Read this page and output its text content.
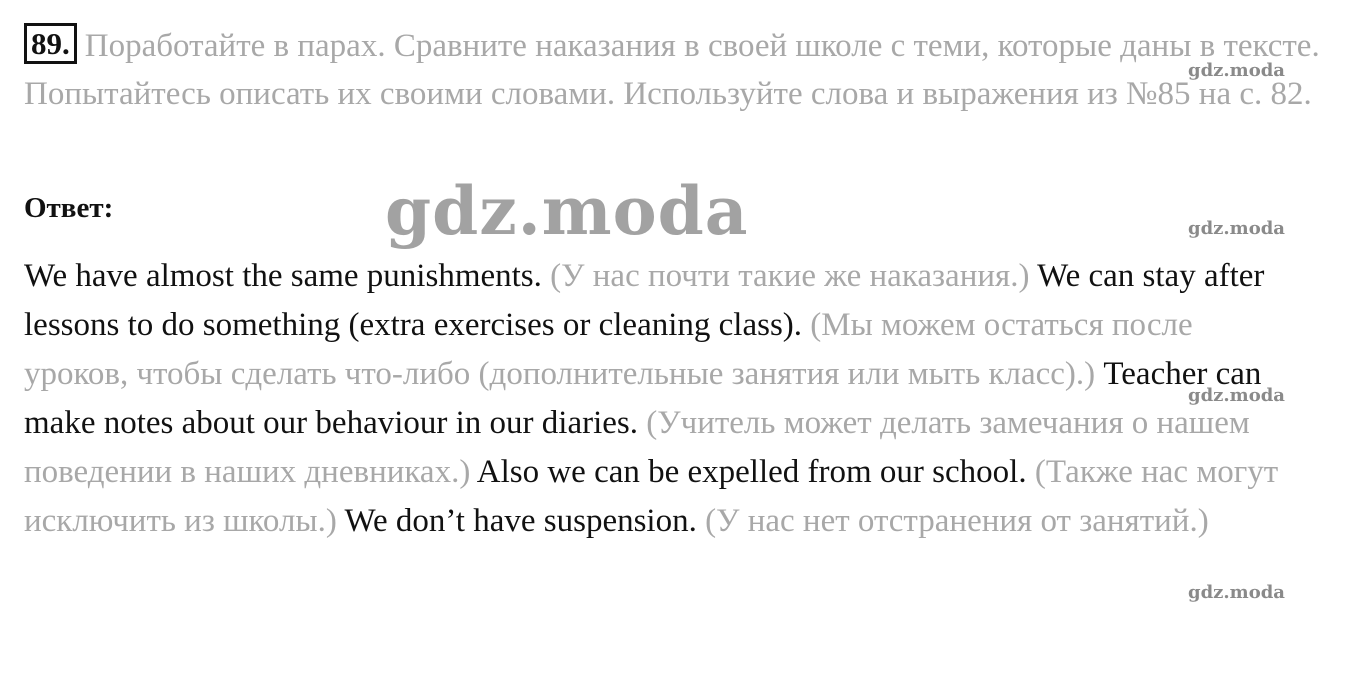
89. Поработайте в парах. Сравните наказания в своей школе с теми, которые даны в тексте. Попытайтесь описать их своими словами. Используйте слова и выражения из №85 на с. 82.

Ответ:

We have almost the same punishments. (У нас почти такие же наказания.) We can stay after lessons to do something (extra exercises or cleaning class). (Мы можем остаться после уроков, чтобы сделать что-либо (дополнительные занятия или мыть класс).) Teacher can make notes about our behaviour in our diaries. (Учитель может делать замечания о нашем поведении в наших дневниках.) Also we can be expelled from our school. (Также нас могут исключить из школы.) We don’t have suspension. (У нас нет отстранения от занятий.)

gdz.moda
gdz.moda
gdz.moda
gdz.moda
gdz.moda
